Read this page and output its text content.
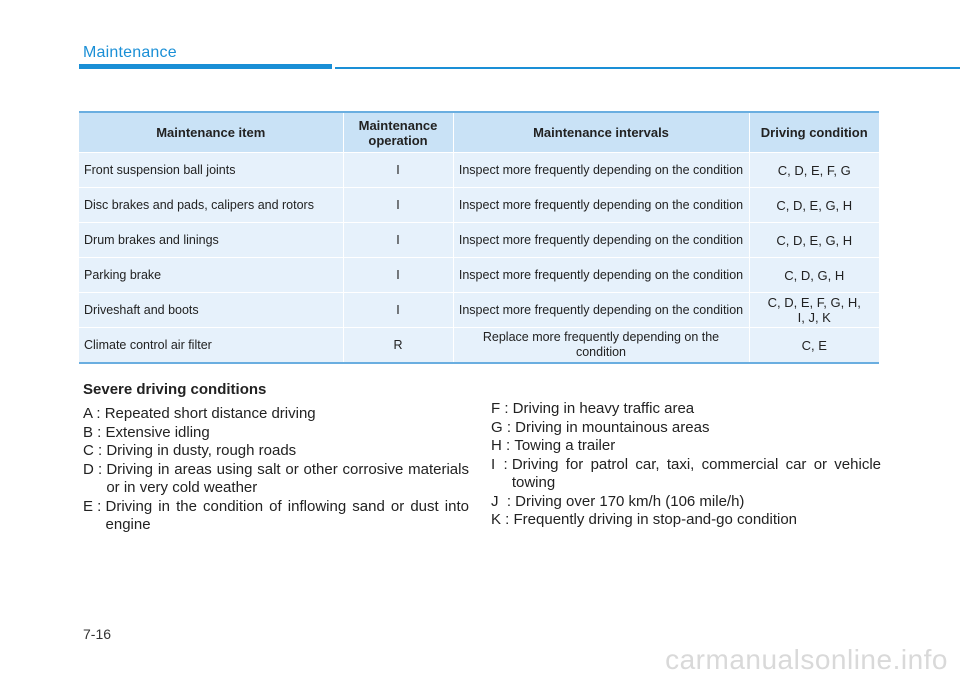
Maintenance
Maintenance item	Maintenance operation	Maintenance intervals	Driving condition
Front suspension ball joints	I	Inspect more frequently depending on the condition	C, D, E, F, G
Disc brakes and pads, calipers and rotors	I	Inspect more frequently depending on the condition	C, D, E, G, H
Drum brakes and linings	I	Inspect more frequently depending on the condition	C, D, E, G, H
Parking brake	I	Inspect more frequently depending on the condition	C, D, G, H
Driveshaft and boots	I	Inspect more frequently depending on the condition	C, D, E, F, G, H, I, J, K
Climate control air filter	R	Replace more frequently depending on the condition	C, E
Severe driving conditions
A : Repeated short distance driving
B : Extensive idling
C : Driving in dusty, rough roads
D : Driving in areas using salt or other corrosive materials or in very cold weather
E : Driving in the condition of inflowing sand or dust into engine
F : Driving in heavy traffic area
G : Driving in mountainous areas
H : Towing a trailer
I  : Driving for patrol car, taxi, commercial car or vehicle towing
J  : Driving over 170 km/h (106 mile/h)
K : Frequently driving in stop-and-go condition
7-16
carmanualsonline.info
